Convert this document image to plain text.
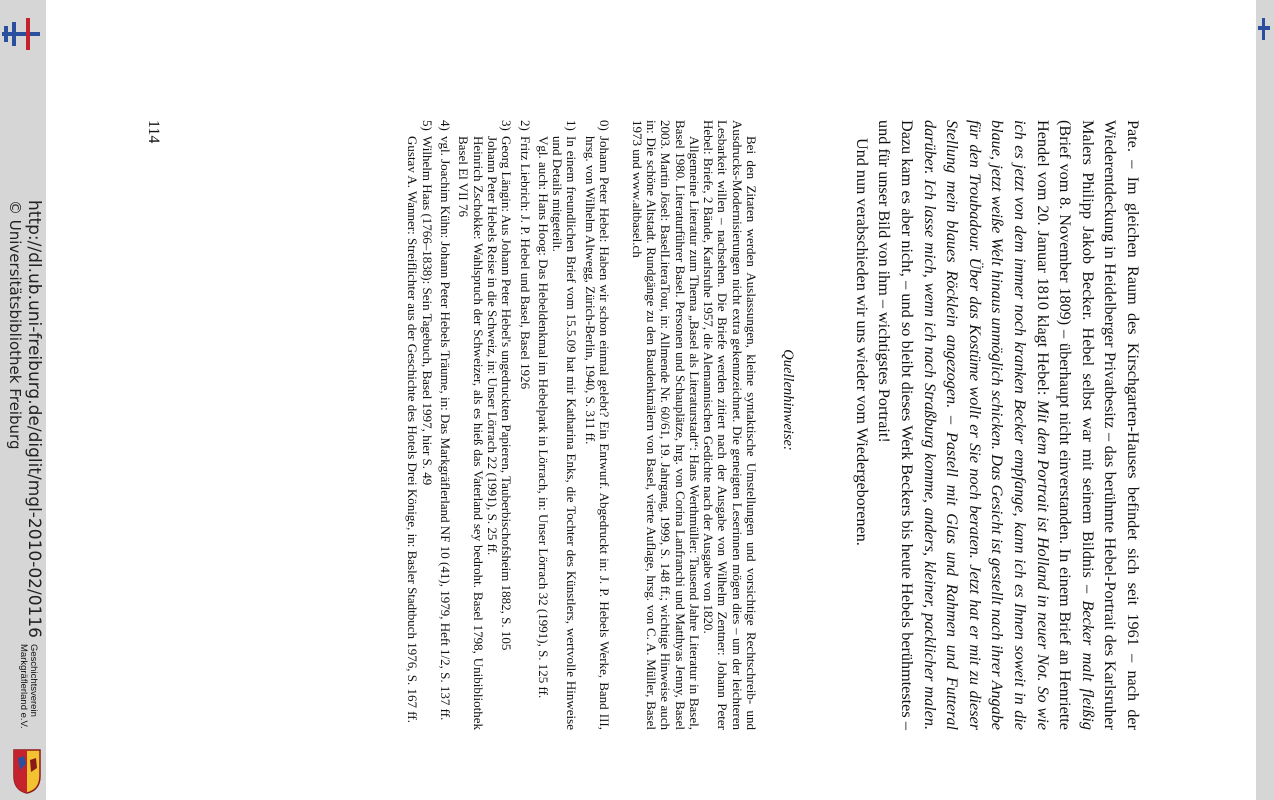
http://dl.ub.uni-freiburg.de/diglit/mgl-2010-02/0116
© Universitätsbibliothek Freiburg
Geschichtsverein
Markgräflerland e.V.	Pate. – Im gleichen Raum des Kirschgarten-Hauses befindet sich seit 1961 – nach der Wiederentdeckung in Heidelberger Privatbesitz – das berühmte Hebel-Portrait des Karlsruher Malers Philipp Jakob Becker. Hebel selbst war mit seinem Bildnis – Becker malt fleißig (Brief vom 8. November 1809) – überhaupt nicht einverstanden. In einem Brief an Henriette Hendel vom 20. Januar 1810 klagt Hebel: Mit dem Portrait ist Holland in neuer Not. So wie ich es jetzt von dem immer noch kranken Becker empfange, kann ich es Ihnen soweit in die blaue, jetzt weiße Welt hinaus unmöglich schicken. Das Gesicht ist gestellt nach ihrer Angabe für den Troubadour. Über das Kostüme wollt er Sie noch beraten. Jetzt hat er mit zu dieser Stellung mein blaues Röcklein angezogen. – Pastell mit Glas und Rahmen und Futteral darüber. Ich lasse mich, wenn ich nach Straßburg komme, anders, kleiner, packlicher malen. Dazu kam es aber nicht, – und so bleibt dieses Werk Beckers bis heute Hebels berühmtestes – und für unser Bild von ihm – wichtigstes Portrait!

Und nun verabschieden wir uns wieder vom Wiedergeborenen.

Quellenhinweise:

Bei den Zitaten werden Auslassungen, kleine syntaktische Umstellungen und vorsichtige Rechtschreib- und Ausdrucks-Modernisierungen nicht extra gekennzeichnet. Die geneigten Leserinnen mögen dies – um der leichteren Lesbarkeit willen – nachsehen. Die Briefe werden zitiert nach der Ausgabe von Wilhelm Zentner: Johann Peter Hebel: Briefe, 2 Bände, Karlsruhe 1957, die Alemannischen Gedichte nach der Ausgabe von 1820.

Allgemeine Literatur zum Thema „Basel als Literaturstadt“: Hans Werthmüller: Tausend Jahre Literatur in Basel, Basel 1980. Literaturführer Basel. Personen und Schauplätze, hrg. von Corina Lanfranchi und Matthyas Jenny, Basel 2003. Martin Jösel: BaselLiteraTour, in: Allmende Nr. 60/61, 19. Jahrgang, 1999, S. 148 ff.; wichtige Hinweise auch in: Die schöne Altstadt. Rundgänge zu den Baudenkmälern von Basel, vierte Auflage, hrsg. von C. A. Müller, Basel 1973 und www.altbasel.ch

0)

Johann Peter Hebel: Haben wir schon einmal gelebt? Ein Entwurf. Abgedruckt in: J. P. Hebels Werke, Band III, hrsg. von Wilhelm Altwegg, Zürich-Berlin, 1940, S. 311 ff.

1)

In einem freundlichen Brief vom 15.5.09 hat mir Katharina Enks, die Tochter des Künstlers, wertvolle Hinweise und Details mitgeteilt.

Vgl. auch: Hans Hoog: Das Hebeldenkmal im Hebelpark in Lörrach, in: Unser Lörrach 32 (1991), S. 125 ff.

2)

Fritz Liebrich: J. P. Hebel und Basel, Basel 1926

3)

Georg Längin: Aus Johann Peter Hebel's ungedruckten Papieren, Tauberbischofsheim 1882, S. 105

Johann Peter Hebels Reise in die Schweiz, in: Unser Lörrach 22 (1991), S. 25 ff.

Heinrich Zschokke: Wahlspruch der Schweizer, als es hieß das Vaterland sey bedroht. Basel 1798, Unibibliothek Basel El VII 76

4)

vgl. Joachim Kühn: Johann Peter Hebels Träume, in: Das Markgräflerland NF 10 (41), 1979, Heft 1/2, S. 137 ff.

5)

Wilhelm Haas (1766–1838): Sein Tagebuch, Basel 1997, hier S. 49

Gustav A. Wanner: Streiflichter aus der Geschichte des Hotels Drei Könige, in: Basler Stadtbuch 1976, S. 167 ff.

114
